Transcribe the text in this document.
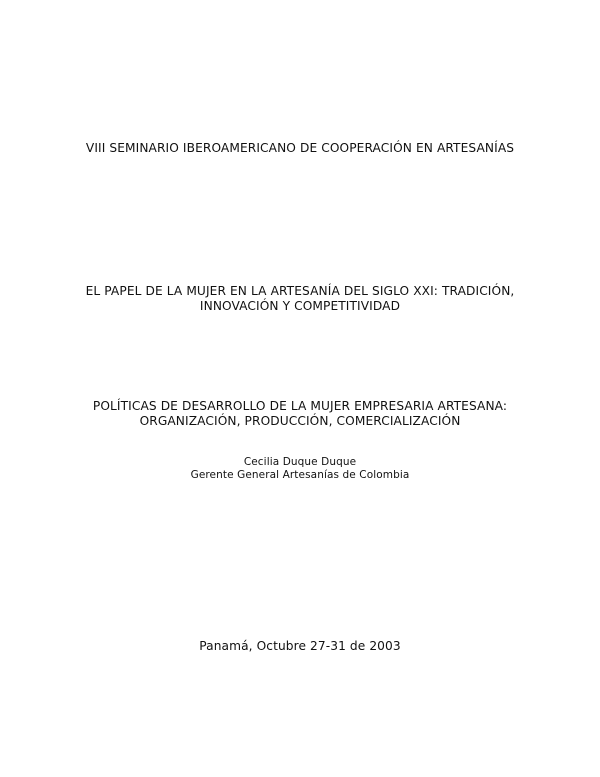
VIII SEMINARIO IBEROAMERICANO DE COOPERACIÓN EN ARTESANÍAS
EL PAPEL DE LA MUJER EN LA ARTESANÍA DEL SIGLO XXI: TRADICIÓN,
INNOVACIÓN Y COMPETITIVIDAD
POLÍTICAS DE DESARROLLO DE LA MUJER EMPRESARIA ARTESANA:
ORGANIZACIÓN, PRODUCCIÓN, COMERCIALIZACIÓN
Cecilia Duque Duque
Gerente General Artesanías de Colombia
Panamá, Octubre 27-31 de 2003
